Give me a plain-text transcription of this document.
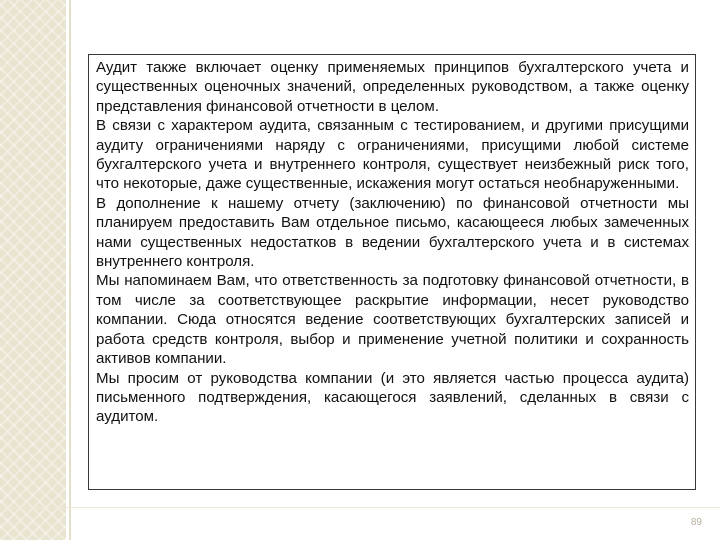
Аудит также включает оценку применяемых принципов бухгалтерского учета и существенных оценочных значений, определенных руководством, а также оценку представления финансовой отчетности в целом.

В связи с характером аудита, связанным с тестированием, и другими присущими аудиту ограничениями наряду с ограничениями, присущими любой системе бухгалтерского учета и внутреннего контроля, существует неизбежный риск того, что некоторые, даже существенные, искажения могут остаться необнаруженными.

В дополнение к нашему отчету (заключению) по финансовой отчетности мы планируем предоставить Вам отдельное письмо, касающееся любых замеченных нами существенных недостатков в ведении бухгалтерского учета и в системах внутреннего контроля.

Мы напоминаем Вам, что ответственность за подготовку финансовой отчетности, в том числе за соответствующее раскрытие информации, несет руководство компании. Сюда относятся ведение соответствующих бухгалтерских записей и работа средств контроля, выбор и применение учетной политики и сохранность активов компании.

Мы просим от руководства компании (и это является частью процесса аудита) письменного подтверждения, касающегося заявлений, сделанных в связи с аудитом.

89
